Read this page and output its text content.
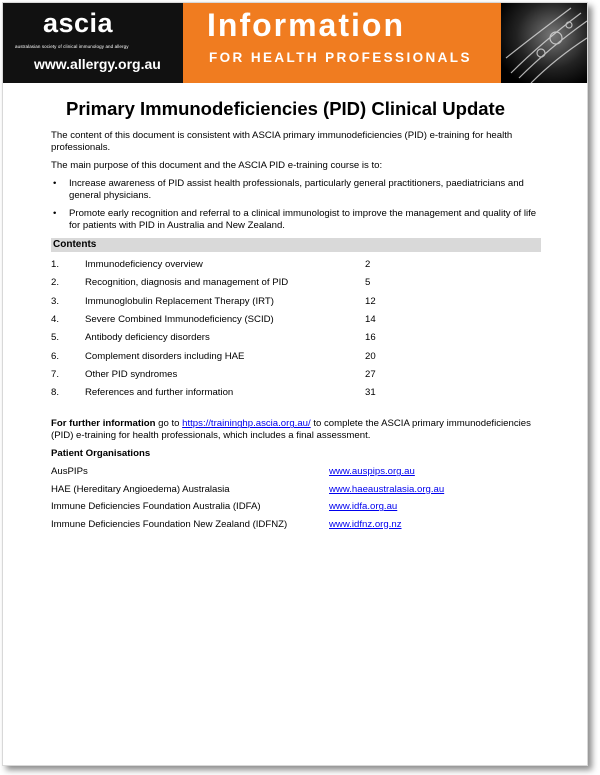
ascia
australasian society of clinical immunology and allergy
www.allergy.org.au
Information
FOR HEALTH PROFESSIONALS
Primary Immunodeficiencies (PID) Clinical Update

The content of this document is consistent with ASCIA primary immunodeficiencies (PID) e-training for health professionals.

The main purpose of this document and the ASCIA PID e-training course is to:

• Increase awareness of PID assist health professionals, particularly general practitioners, paediatricians and general physicians.
• Promote early recognition and referral to a clinical immunologist to improve the management and quality of life for patients with PID in Australia and New Zealand.
Contents
1.	Immunodeficiency overview	2
2.	Recognition, diagnosis and management of PID	5
3.	Immunoglobulin Replacement Therapy (IRT)	12
4.	Severe Combined Immunodeficiency (SCID)	14
5.	Antibody deficiency disorders	16
6.	Complement disorders including HAE	20
7.	Other PID syndromes	27
8.	References and further information	31

For further information go to https://traininghp.ascia.org.au/ to complete the ASCIA primary immunodeficiencies (PID) e-training for health professionals, which includes a final assessment.

Patient Organisations
AusPIPs	www.auspips.org.au
HAE (Hereditary Angioedema) Australasia	www.haeaustralasia.org.au
Immune Deficiencies Foundation Australia (IDFA)	www.idfa.org.au
Immune Deficiencies Foundation New Zealand (IDFNZ)	www.idfnz.org.nz
